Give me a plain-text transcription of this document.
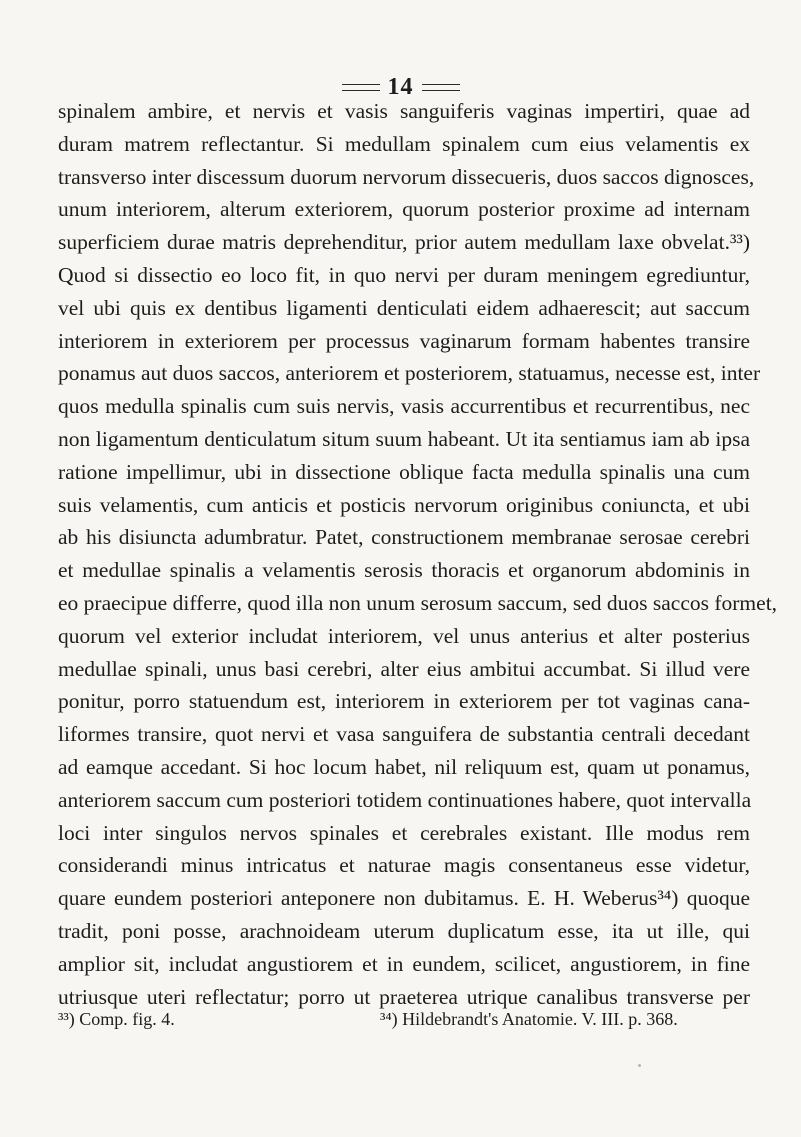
14
spinalem ambire, et nervis et vasis sanguiferis vaginas impertiri, quae ad
duram matrem reflectantur. Si medullam spinalem cum eius velamentis ex
transverso inter discessum duorum nervorum dissecueris, duos saccos dignosces,
unum interiorem, alterum exteriorem, quorum posterior proxime ad internam
superficiem durae matris deprehenditur, prior autem medullam laxe obvelat.³³)
Quod si dissectio eo loco fit, in quo nervi per duram meningem egrediuntur,
vel ubi quis ex dentibus ligamenti denticulati eidem adhaerescit; aut saccum
interiorem in exteriorem per processus vaginarum formam habentes transire
ponamus aut duos saccos, anteriorem et posteriorem, statuamus, necesse est, inter
quos medulla spinalis cum suis nervis, vasis accurrentibus et recurrentibus, nec
non ligamentum denticulatum situm suum habeant. Ut ita sentiamus iam ab ipsa
ratione impellimur, ubi in dissectione oblique facta medulla spinalis una cum
suis velamentis, cum anticis et posticis nervorum originibus coniuncta, et ubi
ab his disiuncta adumbratur. Patet, constructionem membranae serosae cerebri
et medullae spinalis a velamentis serosis thoracis et organorum abdominis in
eo praecipue differre, quod illa non unum serosum saccum, sed duos saccos formet,
quorum vel exterior includat interiorem, vel unus anterius et alter posterius
medullae spinali, unus basi cerebri, alter eius ambitui accumbat. Si illud vere
ponitur, porro statuendum est, interiorem in exteriorem per tot vaginas cana-
liformes transire, quot nervi et vasa sanguifera de substantia centrali decedant
ad eamque accedant. Si hoc locum habet, nil reliquum est, quam ut ponamus,
anteriorem saccum cum posteriori totidem continuationes habere, quot intervalla
loci inter singulos nervos spinales et cerebrales existant. Ille modus rem
considerandi minus intricatus et naturae magis consentaneus esse videtur,
quare eundem posteriori anteponere non dubitamus. E. H. Weberus³⁴) quoque
tradit, poni posse, arachnoideam uterum duplicatum esse, ita ut ille, qui
amplior sit, includat angustiorem et in eundem, scilicet, angustiorem, in fine
utriusque uteri reflectatur; porro ut praeterea utrique canalibus transverse per
³³) Comp. fig. 4.	³⁴) Hildebrandt's Anatomie. V. III. p. 368.
